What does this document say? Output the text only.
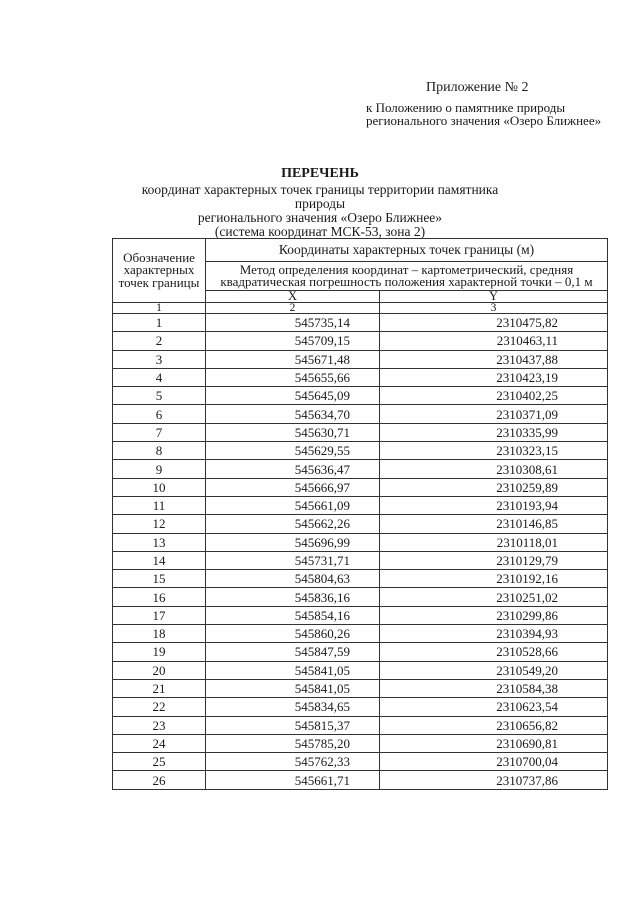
Приложение № 2
к Положению о памятнике природы регионального значения «Озеро Ближнее»
ПЕРЕЧЕНЬ
координат характерных точек границы территории памятника природы
регионального значения «Озеро Ближнее»
(система координат МСК-53, зона 2)
Обозначение характерных точек границы	Координаты характерных точек границы (м)	
	Метод определения координат – картометрический, средняя квадратическая погрешность положения характерной точки – 0,1 м	
	X	Y
1	2	3
1	545735,14	2310475,82
2	545709,15	2310463,11
3	545671,48	2310437,88
4	545655,66	2310423,19
5	545645,09	2310402,25
6	545634,70	2310371,09
7	545630,71	2310335,99
8	545629,55	2310323,15
9	545636,47	2310308,61
10	545666,97	2310259,89
11	545661,09	2310193,94
12	545662,26	2310146,85
13	545696,99	2310118,01
14	545731,71	2310129,79
15	545804,63	2310192,16
16	545836,16	2310251,02
17	545854,16	2310299,86
18	545860,26	2310394,93
19	545847,59	2310528,66
20	545841,05	2310549,20
21	545841,05	2310584,38
22	545834,65	2310623,54
23	545815,37	2310656,82
24	545785,20	2310690,81
25	545762,33	2310700,04
26	545661,71	2310737,86
